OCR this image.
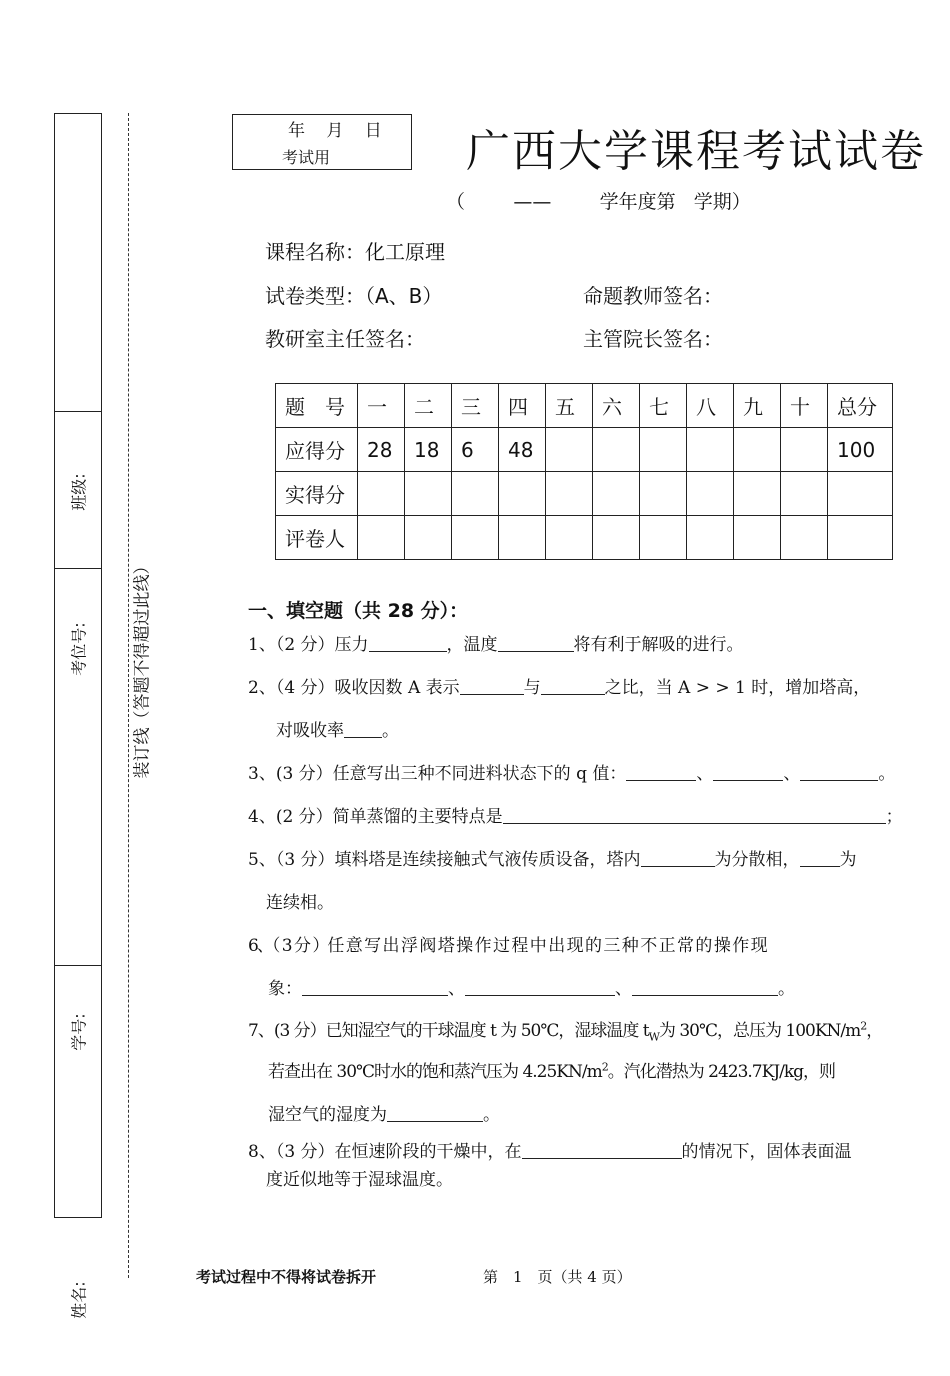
班级:
考位号:
学号:
姓名:
装订线（答题不得超过此线）
年 月 日
考试用	广西大学课程考试试卷
（        ——        学年度第   学期）
课程名称：化工原理
试卷类型：（A、B）	命题教师签名：
教研室主任签名：	主管院长签名：
题　号	一	二	三	四	五	六	七	八	九	十	总分
应得分	28	18	6	48							100
实得分											
评卷人											
一、填空题（共 28 分）：
1、（2 分）压力	，温度	将有利于解吸的进行。
2、（4 分）吸收因数 A 表示	与	之比，当 A > > 1 时，增加塔高，
对吸收率 。
3、(3 分）任意写出三种不同进料状态下的 q 值：	、	、	。
4、(2 分）简单蒸馏的主要特点是	；
5、（3 分）填料塔是连续接触式气液传质设备，塔内	为分散相， 为
连续相。
6、（ 3 分 ）任 意 写 出 浮 阀 塔 操 作 过 程 中 出 现 的 三 种 不 正 常 的 操 作 现
象：	、	、	。
7、(3 分）已知湿空气的干球温度 t 为 50℃，湿球温度 $t_W$为 30℃，总压为 $100KN/m^2$，
若查出在 30℃时水的饱和蒸汽压为 $4.25KN/m^2$。汽化潜热为 2423.7KJ/kg，则
湿空气的湿度为	。
8、（3 分）在恒速阶段的干燥中，在	的情况下，固体表面温
度近似地等于湿球温度。
考试过程中不得将试卷拆开	第　1　页（共 4 页）
